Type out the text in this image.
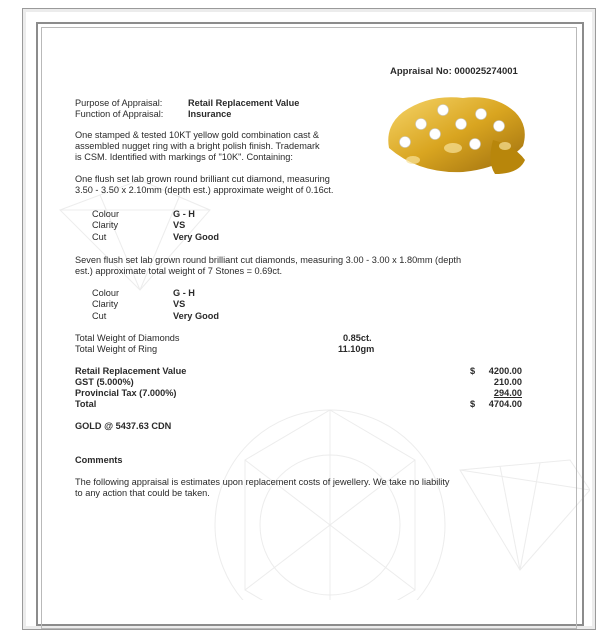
Appraisal No: 000025274001
Purpose of Appraisal:	Retail Replacement Value
Function of Appraisal:	Insurance
One stamped & tested 10KT yellow gold combination cast &
assembled nugget ring with a bright polish finish. Trademark
is CSM. Identified with markings of "10K". Containing:
One flush set lab grown round brilliant cut diamond, measuring
3.50 - 3.50 x 2.10mm (depth est.) approximate weight of 0.16ct.
Colour	G - H
Clarity	VS
Cut	Very Good
Seven flush set lab grown round brilliant cut diamonds, measuring 3.00 - 3.00 x 1.80mm (depth
est.) approximate total weight of 7 Stones = 0.69ct.
Colour	G - H
Clarity	VS
Cut	Very Good
Total Weight of Diamonds	0.85ct.
Total Weight of Ring	11.10gm
Retail Replacement Value	$	4200.00
GST (5.000%)	210.00
Provincial Tax (7.000%)	294.00
Total	$	4704.00
GOLD @ 5437.63 CDN
Comments
The following appraisal is estimates upon replacement costs of jewellery. We take no liability
to any action that could be taken.
